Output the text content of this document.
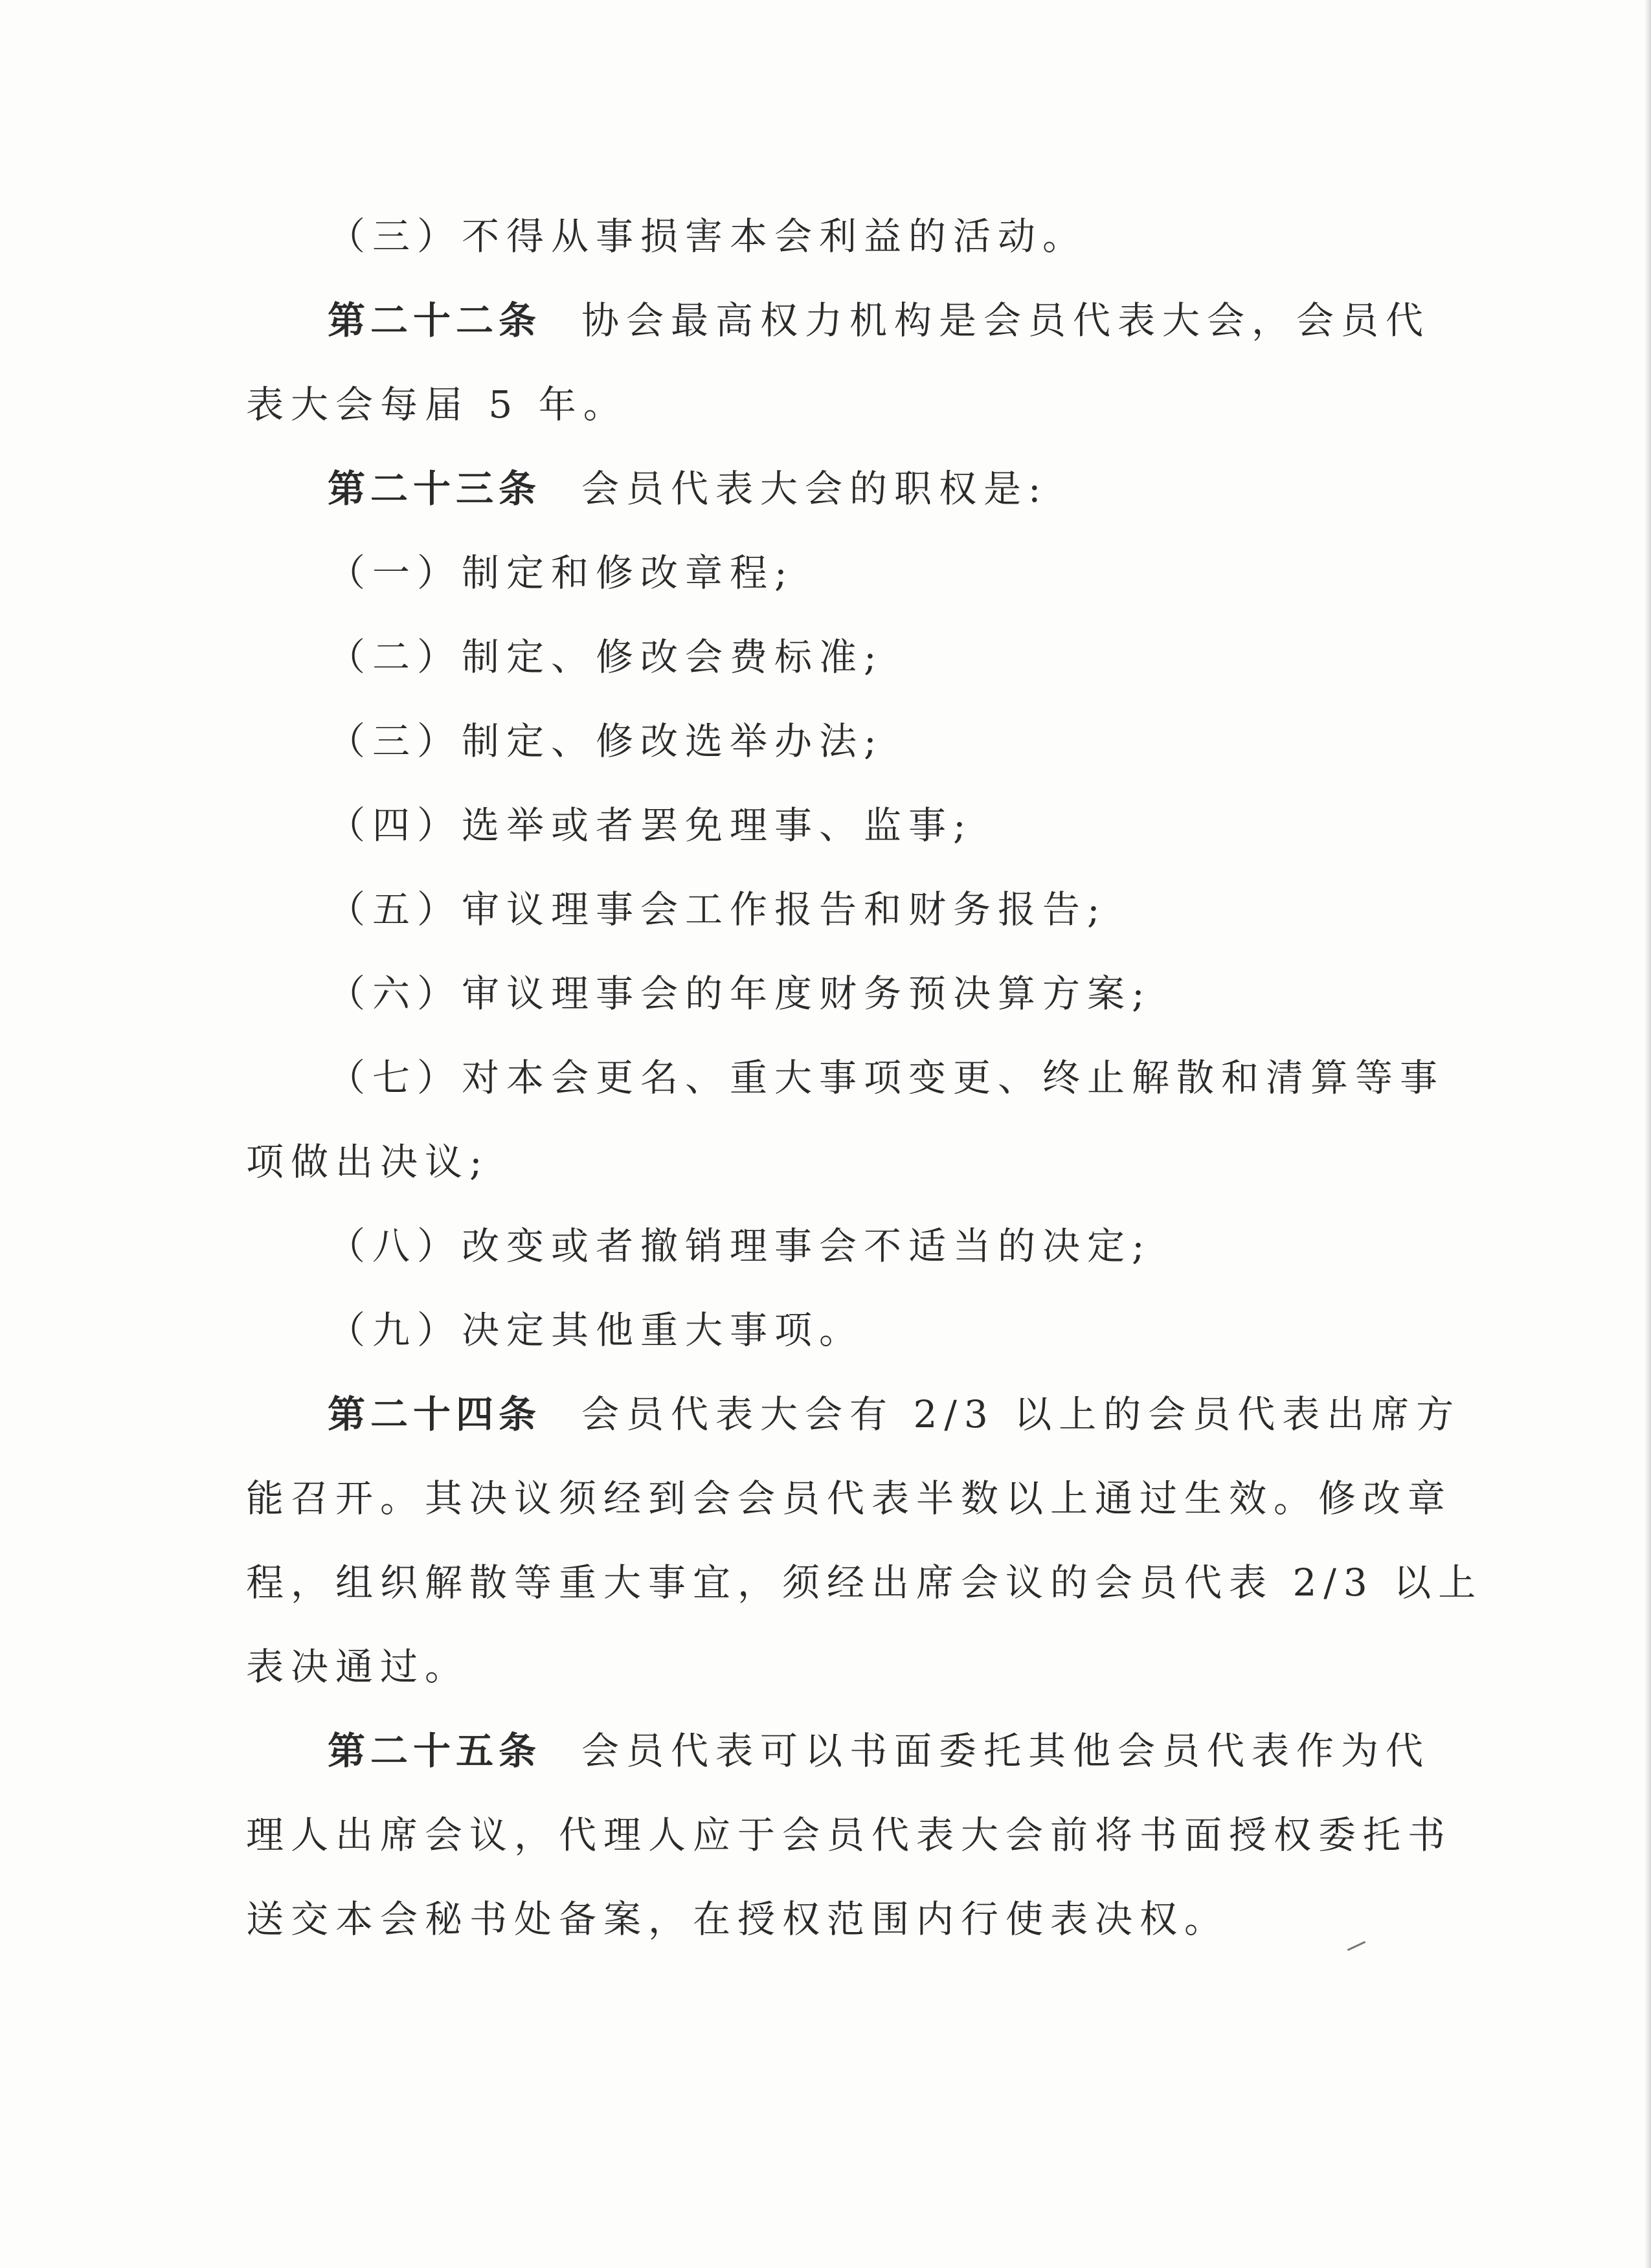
（三）不得从事损害本会利益的活动。
第二十二条 协会最高权力机构是会员代表大会，会员代
表大会每届 5 年。
第二十三条 会员代表大会的职权是:
（一）制定和修改章程;
（二）制定、修改会费标准;
（三）制定、修改选举办法;
（四）选举或者罢免理事、监事;
（五）审议理事会工作报告和财务报告;
（六）审议理事会的年度财务预决算方案;
（七）对本会更名、重大事项变更、终止解散和清算等事
项做出决议;
（八）改变或者撤销理事会不适当的决定;
（九）决定其他重大事项。
第二十四条 会员代表大会有 2/3 以上的会员代表出席方
能召开。其决议须经到会会员代表半数以上通过生效。修改章
程，组织解散等重大事宜，须经出席会议的会员代表 2/3 以上
表决通过。
第二十五条 会员代表可以书面委托其他会员代表作为代
理人出席会议，代理人应于会员代表大会前将书面授权委托书
送交本会秘书处备案，在授权范围内行使表决权。
